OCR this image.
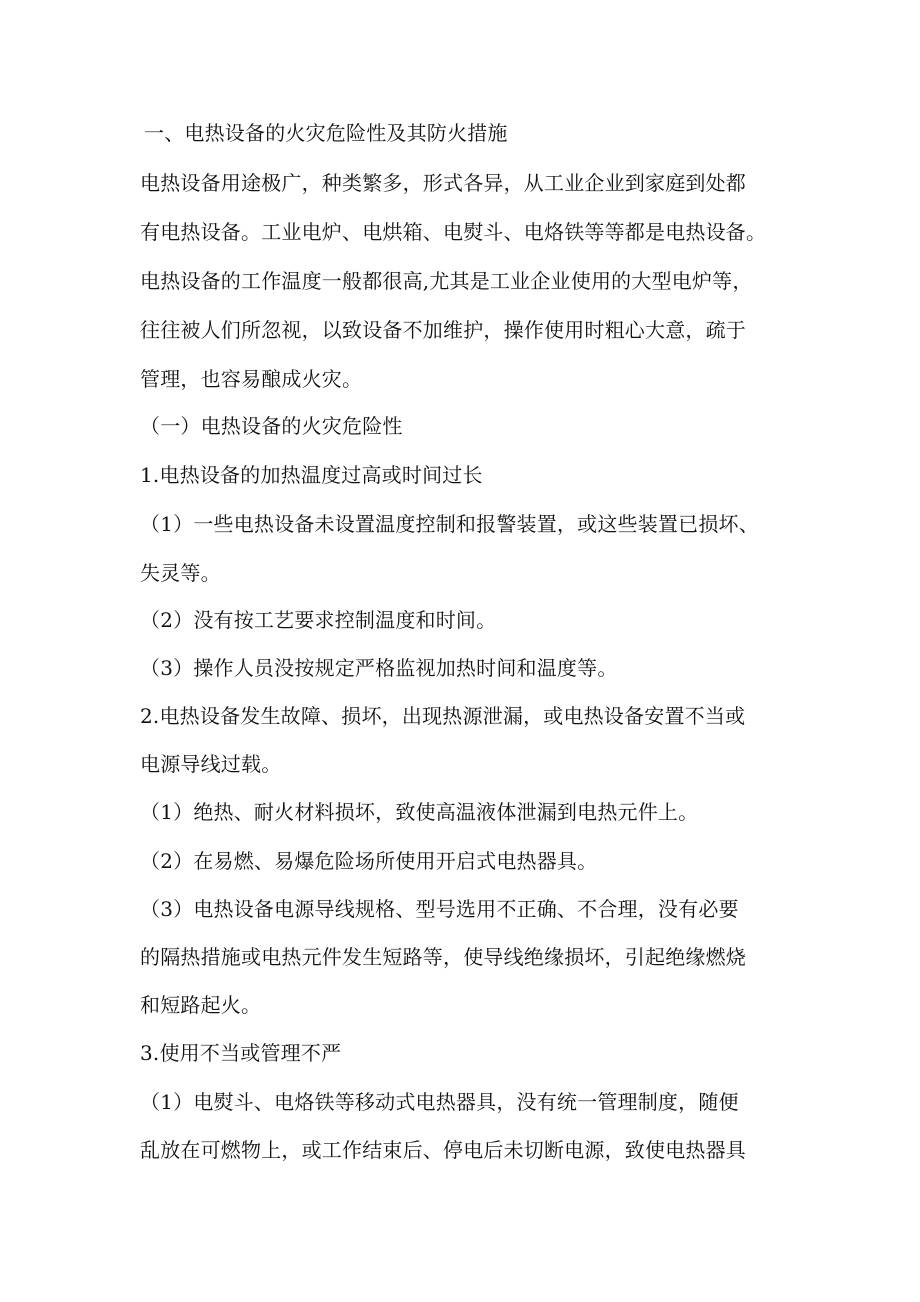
一、电热设备的火灾危险性及其防火措施
电热设备用途极广，种类繁多，形式各异，从工业企业到家庭到处都
有电热设备。工业电炉、电烘箱、电熨斗、电烙铁等等都是电热设备。
电热设备的工作温度一般都很高,尤其是工业企业使用的大型电炉等，
往往被人们所忽视，以致设备不加维护，操作使用时粗心大意，疏于
管理，也容易酿成火灾。
（一）电热设备的火灾危险性
1.电热设备的加热温度过高或时间过长
（1）一些电热设备未设置温度控制和报警装置，或这些装置已损坏、
失灵等。
（2）没有按工艺要求控制温度和时间。
（3）操作人员没按规定严格监视加热时间和温度等。
2.电热设备发生故障、损坏，出现热源泄漏，或电热设备安置不当或
电源导线过载。
（1）绝热、耐火材料损坏，致使高温液体泄漏到电热元件上。
（2）在易燃、易爆危险场所使用开启式电热器具。
（3）电热设备电源导线规格、型号选用不正确、不合理，没有必要
的隔热措施或电热元件发生短路等，使导线绝缘损坏，引起绝缘燃烧
和短路起火。
3.使用不当或管理不严
（1）电熨斗、电烙铁等移动式电热器具，没有统一管理制度，随便
乱放在可燃物上，或工作结束后、停电后未切断电源，致使电热器具
